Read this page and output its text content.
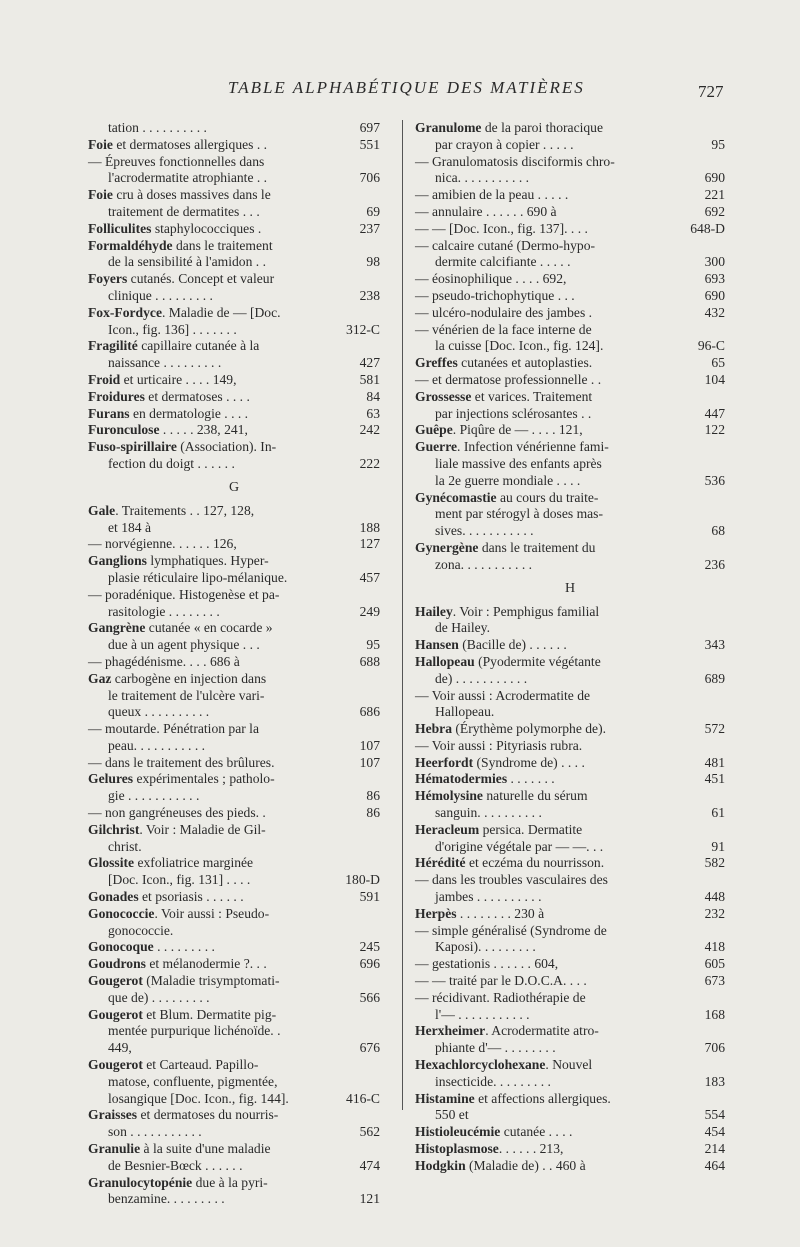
TABLE ALPHABÉTIQUE DES MATIÈRES	727
tation . . . . . . . . . .	697
Foie et dermatoses allergiques . .	551
— Épreuves fonctionnelles dans
l'acrodermatite atrophiante . .	706
Foie cru à doses massives dans le
traitement de dermatites . . .	69
Folliculites staphylococciques .	237
Formaldéhyde dans le traitement
de la sensibilité à l'amidon . .	98
Foyers cutanés. Concept et valeur
clinique . . . . . . . . .	238
Fox-Fordyce. Maladie de — [Doc.
Icon., fig. 136] . . . . . . .	312-C
Fragilité capillaire cutanée à la
naissance . . . . . . . . .	427
Froid et urticaire . . . . 149,	581
Froidures et dermatoses . . . .	84
Furans en dermatologie . . . .	63
Furonculose . . . . . 238, 241,	242
Fuso-spirillaire (Association). In-
fection du doigt . . . . . .	222
G
Gale. Traitements . . 127, 128,
et 184 à	188
— norvégienne. . . . . . 126,	127
Ganglions lymphatiques. Hyper-
plasie réticulaire lipo-mélanique.	457
— poradénique. Histogenèse et pa-
rasitologie . . . . . . . .	249
Gangrène cutanée « en cocarde »
due à un agent physique . . .	95
— phagédénisme. . . . 686 à	688
Gaz carbogène en injection dans
le traitement de l'ulcère vari-
queux . . . . . . . . . .	686
— moutarde. Pénétration par la
peau. . . . . . . . . . .	107
— dans le traitement des brûlures.	107
Gelures expérimentales ; patholo-
gie . . . . . . . . . . .	86
— non gangréneuses des pieds. .	86
Gilchrist. Voir : Maladie de Gil-
christ.
Glossite exfoliatrice marginée
[Doc. Icon., fig. 131] . . . .	180-D
Gonades et psoriasis . . . . . .	591
Gonococcie. Voir aussi : Pseudo-
gonococcie.
Gonocoque . . . . . . . . .	245
Goudrons et mélanodermie ?. . .	696
Gougerot (Maladie trisymptomati-
que de) . . . . . . . . .	566
Gougerot et Blum. Dermatite pig-
mentée purpurique lichénoïde. .
449,	676
Gougerot et Carteaud. Papillo-
matose, confluente, pigmentée,
losangique [Doc. Icon., fig. 144].	416-C
Graisses et dermatoses du nourris-
son . . . . . . . . . . .	562
Granulie à la suite d'une maladie
de Besnier-Bœck . . . . . .	474
Granulocytopénie due à la pyri-
benzamine. . . . . . . . .	121
Granulome de la paroi thoracique
par crayon à copier . . . . .	95
— Granulomatosis disciformis chro-
nica. . . . . . . . . . .	690
— amibien de la peau . . . . .	221
— annulaire . . . . . . 690 à	692
— — [Doc. Icon., fig. 137]. . . .	648-D
— calcaire cutané (Dermo-hypo-
dermite calcifiante . . . . .	300
— éosinophilique . . . . 692,	693
— pseudo-trichophytique . . .	690
— ulcéro-nodulaire des jambes .	432
— vénérien de la face interne de
la cuisse [Doc. Icon., fig. 124].	96-C
Greffes cutanées et autoplasties.	65
— et dermatose professionnelle . .	104
Grossesse et varices. Traitement
par injections sclérosantes . .	447
Guêpe. Piqûre de — . . . . 121,	122
Guerre. Infection vénérienne fami-
liale massive des enfants après
la 2e guerre mondiale . . . .	536
Gynécomastie au cours du traite-
ment par stérogyl à doses mas-
sives. . . . . . . . . . .	68
Gynergène dans le traitement du
zona. . . . . . . . . . .	236
H
Hailey. Voir : Pemphigus familial
de Hailey.
Hansen (Bacille de) . . . . . .	343
Hallopeau (Pyodermite végétante
de) . . . . . . . . . . .	689
— Voir aussi : Acrodermatite de
Hallopeau.
Hebra (Érythème polymorphe de).	572
— Voir aussi : Pityriasis rubra.
Heerfordt (Syndrome de) . . . .	481
Hématodermies . . . . . . .	451
Hémolysine naturelle du sérum
sanguin. . . . . . . . . .	61
Heracleum persica. Dermatite
d'origine végétale par — —. . .	91
Hérédité et eczéma du nourrisson.	582
— dans les troubles vasculaires des
jambes . . . . . . . . . .	448
Herpès . . . . . . . . 230 à	232
— simple généralisé (Syndrome de
Kaposi). . . . . . . . .	418
— gestationis . . . . . . 604,	605
— — traité par le D.O.C.A. . . .	673
— récidivant. Radiothérapie de
l'— . . . . . . . . . . .	168
Herxheimer. Acrodermatite atro-
phiante d'— . . . . . . . .	706
Hexachlorcyclohexane. Nouvel
insecticide. . . . . . . . .	183
Histamine et affections allergiques.
550 et	554
Histioleucémie cutanée . . . .	454
Histoplasmose. . . . . . 213,	214
Hodgkin (Maladie de) . . 460 à	464
